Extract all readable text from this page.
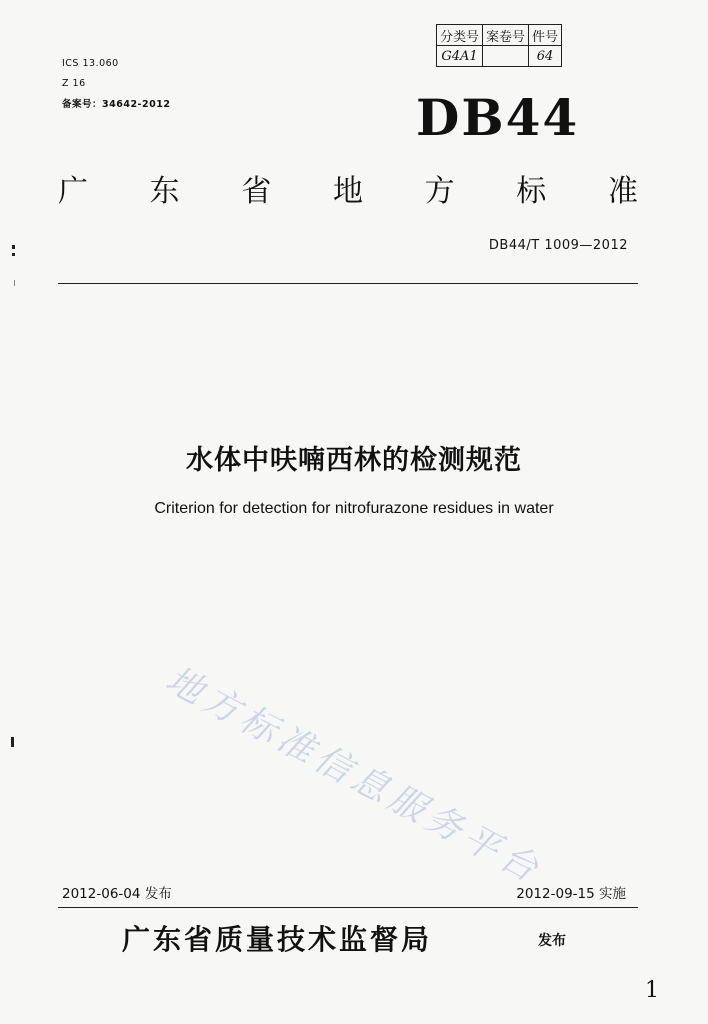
分类号	案卷号	件号
G4A1		64
ICS 13.060
Z 16
备案号：34642-2012	DB44
广 东 省 地 方 标 准
DB44/T 1009—2012
水体中呋喃西林的检测规范
Criterion for detection for nitrofurazone residues in water
地方标准信息服务平台
2012-06-04 发布	2012-09-15 实施
广东省质量技术监督局	发布
1
